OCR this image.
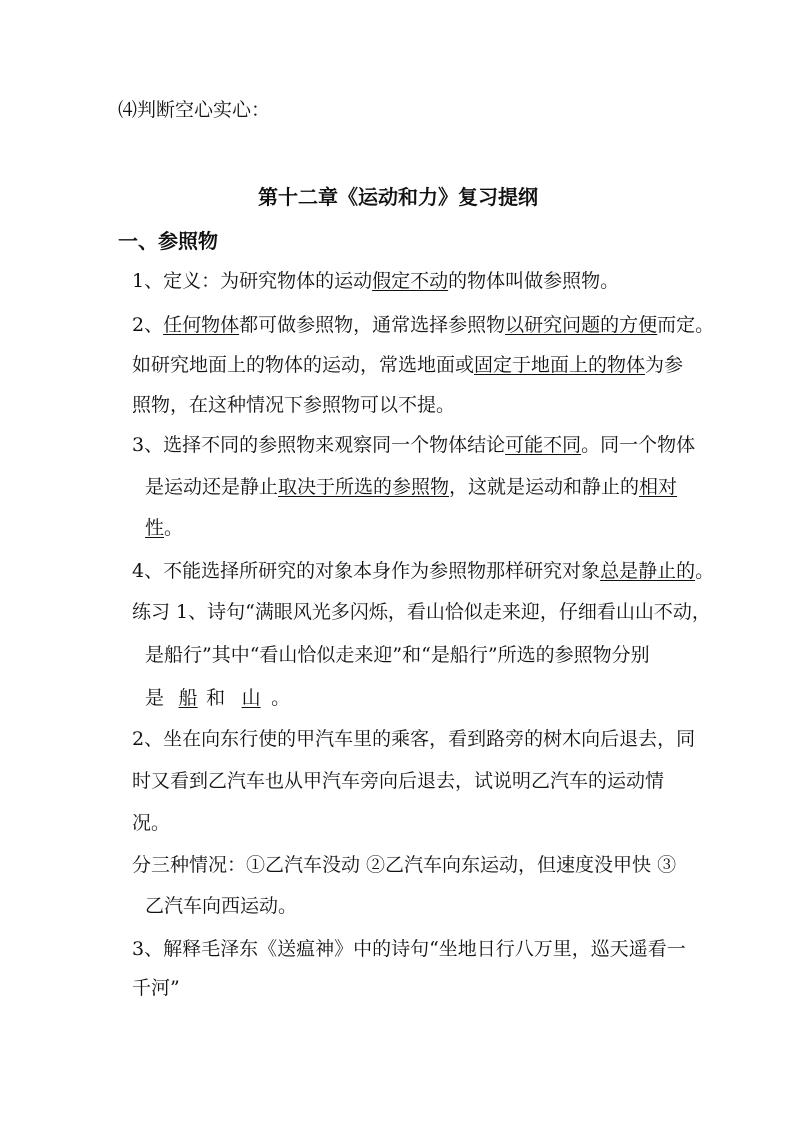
⑷判断空心实心：
第十二章《运动和力》复习提纲
一、参照物
1、定义：为研究物体的运动假定不动的物体叫做参照物。
2、任何物体都可做参照物，通常选择参照物以研究问题的方便而定。
如研究地面上的物体的运动，常选地面或固定于地面上的物体为参
照物，在这种情况下参照物可以不提。
3、选择不同的参照物来观察同一个物体结论可能不同。同一个物体
是运动还是静止取决于所选的参照物，这就是运动和静止的相对
性。
4、不能选择所研究的对象本身作为参照物那样研究对象总是静止的。
练习 1、诗句“满眼风光多闪烁，看山恰似走来迎，仔细看山山不动，
是船行”其中“看山恰似走来迎”和“是船行”所选的参照物分别
是 船 和 山 。
2、坐在向东行使的甲汽车里的乘客，看到路旁的树木向后退去，同
时又看到乙汽车也从甲汽车旁向后退去，试说明乙汽车的运动情
况。
分三种情况：①乙汽车没动 ②乙汽车向东运动，但速度没甲快 ③
乙汽车向西运动。
3、解释毛泽东《送瘟神》中的诗句“坐地日行八万里，巡天遥看一
千河”
